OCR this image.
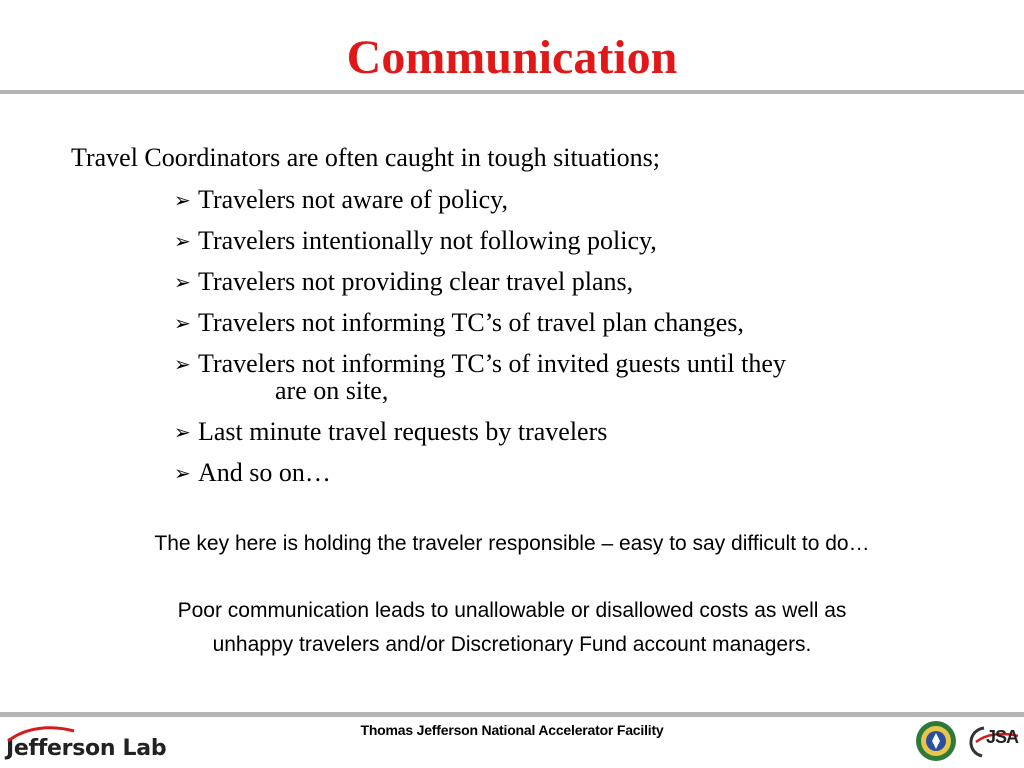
Communication
Travel Coordinators are often caught in tough situations;
➢ Travelers not aware of policy,
➢ Travelers intentionally not following policy,
➢ Travelers not providing clear travel plans,
➢ Travelers not informing TC’s of travel plan changes,
➢ Travelers not informing TC’s of invited guests until they
are on site,
➢ Last minute travel requests by travelers
➢ And so on…
The key here is holding the traveler responsible – easy to say difficult to do…
Poor communication leads to unallowable or disallowed costs as well as
unhappy travelers and/or Discretionary Fund account managers.
Jefferson Lab
Thomas Jefferson National Accelerator Facility	JSA
